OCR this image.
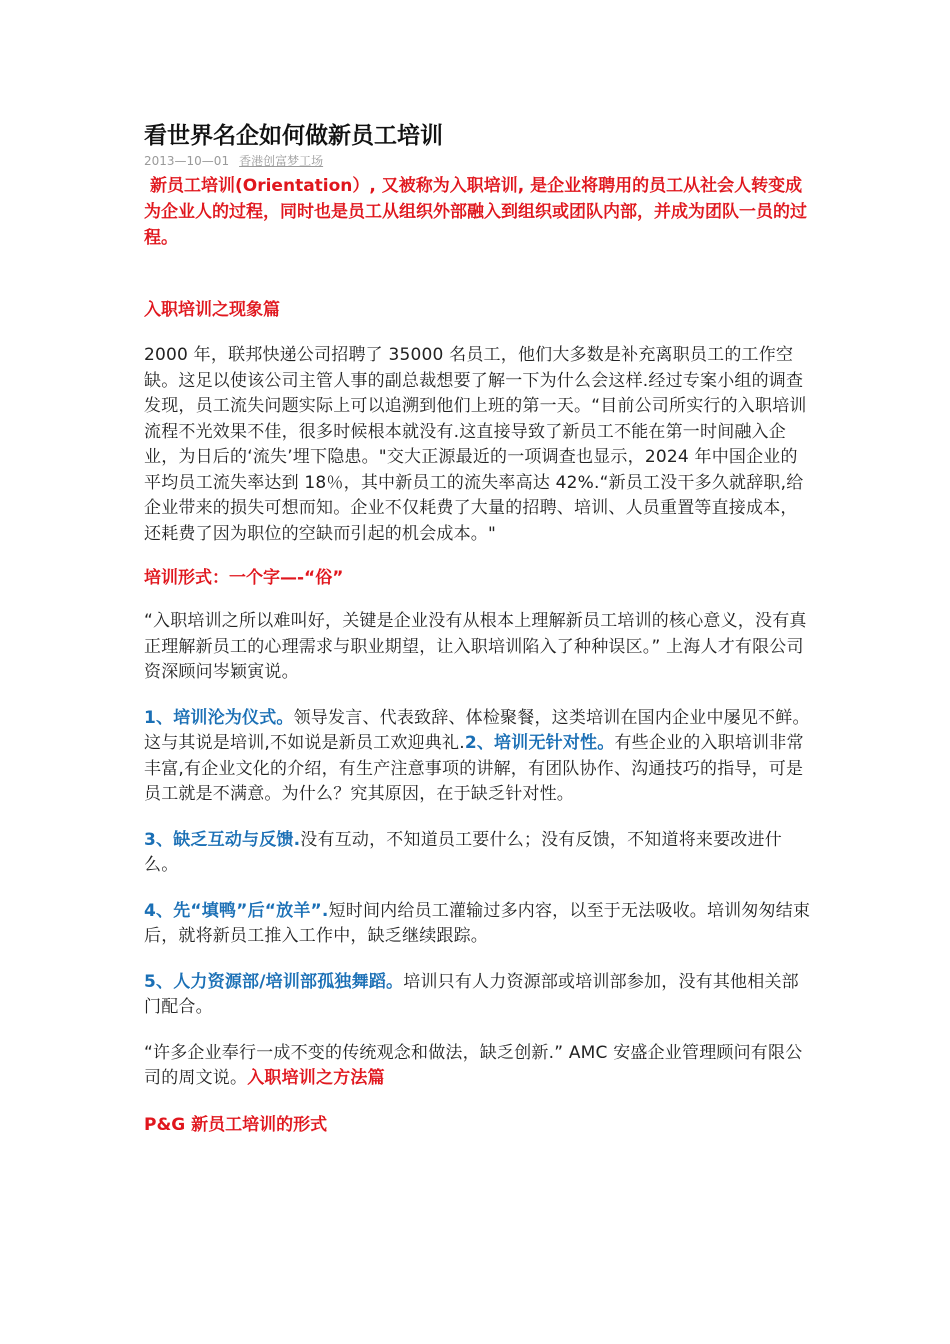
看世界名企如何做新员工培训
2013—10—01 香港创富梦工场
新员工培训(Orientation）, 又被称为入职培训, 是企业将聘用的员工从社会人转变成为企业人的过程，同时也是员工从组织外部融入到组织或团队内部，并成为团队一员的过程。
入职培训之现象篇
2000 年，联邦快递公司招聘了 35000 名员工，他们大多数是补充离职员工的工作空缺。这足以使该公司主管人事的副总裁想要了解一下为什么会这样.经过专案小组的调查发现，员工流失问题实际上可以追溯到他们上班的第一天。“目前公司所实行的入职培训流程不光效果不佳，很多时候根本就没有.这直接导致了新员工不能在第一时间融入企业，为日后的‘流失’埋下隐患。"交大正源最近的一项调查也显示，2024 年中国企业的平均员工流失率达到 18％，其中新员工的流失率高达 42%.“新员工没干多久就辞职,给企业带来的损失可想而知。企业不仅耗费了大量的招聘、培训、人员重置等直接成本，还耗费了因为职位的空缺而引起的机会成本。"
培训形式：一个字—-“俗”
“入职培训之所以难叫好，关键是企业没有从根本上理解新员工培训的核心意义，没有真正理解新员工的心理需求与职业期望，让入职培训陷入了种种误区。” 上海人才有限公司资深顾问岑颖寅说。
1、培训沦为仪式。领导发言、代表致辞、体检聚餐，这类培训在国内企业中屡见不鲜。这与其说是培训,不如说是新员工欢迎典礼.2、培训无针对性。有些企业的入职培训非常丰富,有企业文化的介绍，有生产注意事项的讲解，有团队协作、沟通技巧的指导，可是员工就是不满意。为什么？究其原因，在于缺乏针对性。
3、缺乏互动与反馈.没有互动，不知道员工要什么；没有反馈，不知道将来要改进什么。
4、先“填鸭”后“放羊”.短时间内给员工灌输过多内容，以至于无法吸收。培训匆匆结束后，就将新员工推入工作中，缺乏继续跟踪。
5、人力资源部/培训部孤独舞蹈。培训只有人力资源部或培训部参加，没有其他相关部门配合。
“许多企业奉行一成不变的传统观念和做法，缺乏创新.” AMC 安盛企业管理顾问有限公司的周文说。入职培训之方法篇
P&G 新员工培训的形式
